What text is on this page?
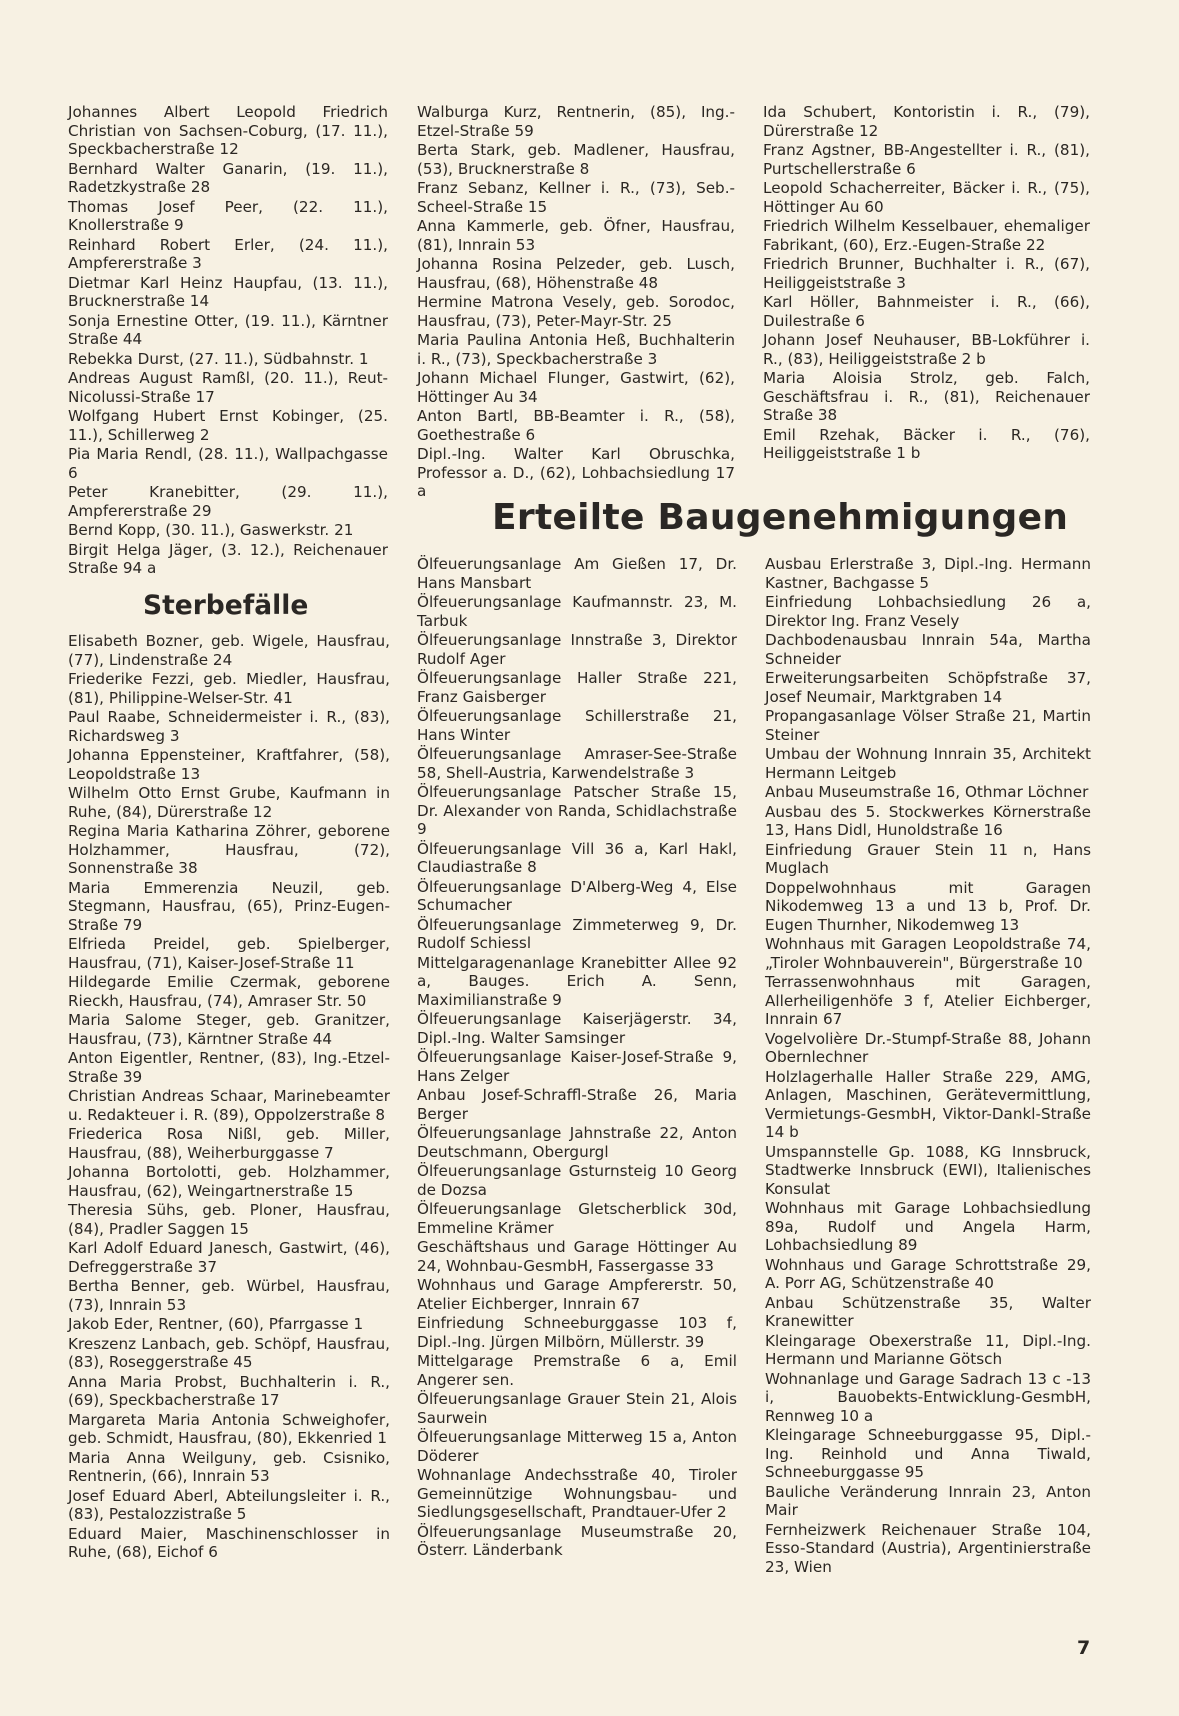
Johannes Albert Leopold Friedrich Christian von Sachsen-Coburg, (17. 11.), Speckbacherstraße 12

Bernhard Walter Ganarin, (19. 11.), Radetzkystraße 28

Thomas Josef Peer, (22. 11.), Knollerstraße 9

Reinhard Robert Erler, (24. 11.), Ampfererstraße 3

Dietmar Karl Heinz Haupfau, (13. 11.), Brucknerstraße 14

Sonja Ernestine Otter, (19. 11.), Kärntner Straße 44

Rebekka Durst, (27. 11.), Südbahnstr. 1

Andreas August Ramßl, (20. 11.), Reut-Nicolussi-Straße 17

Wolfgang Hubert Ernst Kobinger, (25. 11.), Schillerweg 2

Pia Maria Rendl, (28. 11.), Wallpachgasse 6

Peter Kranebitter, (29. 11.), Ampfererstraße 29

Bernd Kopp, (30. 11.), Gaswerkstr. 21

Birgit Helga Jäger, (3. 12.), Reichenauer Straße 94 a

Sterbefälle

Elisabeth Bozner, geb. Wigele, Hausfrau, (77), Lindenstraße 24

Friederike Fezzi, geb. Miedler, Hausfrau, (81), Philippine-Welser-Str. 41

Paul Raabe, Schneidermeister i. R., (83), Richardsweg 3

Johanna Eppensteiner, Kraftfahrer, (58), Leopoldstraße 13

Wilhelm Otto Ernst Grube, Kaufmann in Ruhe, (84), Dürerstraße 12

Regina Maria Katharina Zöhrer, geborene Holzhammer, Hausfrau, (72), Sonnenstraße 38

Maria Emmerenzia Neuzil, geb. Stegmann, Hausfrau, (65), Prinz-Eugen-Straße 79

Elfrieda Preidel, geb. Spielberger, Hausfrau, (71), Kaiser-Josef-Straße 11

Hildegarde Emilie Czermak, geborene Rieckh, Hausfrau, (74), Amraser Str. 50

Maria Salome Steger, geb. Granitzer, Hausfrau, (73), Kärntner Straße 44

Anton Eigentler, Rentner, (83), Ing.-Etzel-Straße 39

Christian Andreas Schaar, Marinebeamter u. Redakteuer i. R. (89), Oppolzerstraße 8

Friederica Rosa Nißl, geb. Miller, Hausfrau, (88), Weiherburggasse 7

Johanna Bortolotti, geb. Holzhammer, Hausfrau, (62), Weingartnerstraße 15

Theresia Sühs, geb. Ploner, Hausfrau, (84), Pradler Saggen 15

Karl Adolf Eduard Janesch, Gastwirt, (46), Defreggerstraße 37

Bertha Benner, geb. Würbel, Hausfrau, (73), Innrain 53

Jakob Eder, Rentner, (60), Pfarrgasse 1

Kreszenz Lanbach, geb. Schöpf, Hausfrau, (83), Roseggerstraße 45

Anna Maria Probst, Buchhalterin i. R., (69), Speckbacherstraße 17

Margareta Maria Antonia Schweighofer, geb. Schmidt, Hausfrau, (80), Ekkenried 1

Maria Anna Weilguny, geb. Csisniko, Rentnerin, (66), Innrain 53

Josef Eduard Aberl, Abteilungsleiter i. R., (83), Pestalozzistraße 5

Eduard Maier, Maschinenschlosser in Ruhe, (68), Eichof 6

Walburga Kurz, Rentnerin, (85), Ing.-Etzel-Straße 59

Berta Stark, geb. Madlener, Hausfrau, (53), Brucknerstraße 8

Franz Sebanz, Kellner i. R., (73), Seb.-Scheel-Straße 15

Anna Kammerle, geb. Öfner, Hausfrau, (81), Innrain 53

Johanna Rosina Pelzeder, geb. Lusch, Hausfrau, (68), Höhenstraße 48

Hermine Matrona Vesely, geb. Sorodoc, Hausfrau, (73), Peter-Mayr-Str. 25

Maria Paulina Antonia Heß, Buchhalterin i. R., (73), Speckbacherstraße 3

Johann Michael Flunger, Gastwirt, (62), Höttinger Au 34

Anton Bartl, BB-Beamter i. R., (58), Goethestraße 6

Dipl.-Ing. Walter Karl Obruschka, Professor a. D., (62), Lohbachsiedlung 17 a

Ida Schubert, Kontoristin i. R., (79), Dürerstraße 12

Franz Agstner, BB-Angestellter i. R., (81), Purtschellerstraße 6

Leopold Schacherreiter, Bäcker i. R., (75), Höttinger Au 60

Friedrich Wilhelm Kesselbauer, ehemaliger Fabrikant, (60), Erz.-Eugen-Straße 22

Friedrich Brunner, Buchhalter i. R., (67), Heiliggeiststraße 3

Karl Höller, Bahnmeister i. R., (66), Duilestraße 6

Johann Josef Neuhauser, BB-Lokführer i. R., (83), Heiliggeiststraße 2 b

Maria Aloisia Strolz, geb. Falch, Geschäftsfrau i. R., (81), Reichenauer Straße 38

Emil Rzehak, Bäcker i. R., (76), Heiliggeiststraße 1 b

Erteilte Baugenehmigungen

Ölfeuerungsanlage Am Gießen 17, Dr. Hans Mansbart

Ölfeuerungsanlage Kaufmannstr. 23, M. Tarbuk

Ölfeuerungsanlage Innstraße 3, Direktor Rudolf Ager

Ölfeuerungsanlage Haller Straße 221, Franz Gaisberger

Ölfeuerungsanlage Schillerstraße 21, Hans Winter

Ölfeuerungsanlage Amraser-See-Straße 58, Shell-Austria, Karwendelstraße 3

Ölfeuerungsanlage Patscher Straße 15, Dr. Alexander von Randa, Schidlachstraße 9

Ölfeuerungsanlage Vill 36 a, Karl Hakl, Claudiastraße 8

Ölfeuerungsanlage D'Alberg-Weg 4, Else Schumacher

Ölfeuerungsanlage Zimmeterweg 9, Dr. Rudolf Schiessl

Mittelgaragenanlage Kranebitter Allee 92 a, Bauges. Erich A. Senn, Maximilianstraße 9

Ölfeuerungsanlage Kaiserjägerstr. 34, Dipl.-Ing. Walter Samsinger

Ölfeuerungsanlage Kaiser-Josef-Straße 9, Hans Zelger

Anbau Josef-Schraffl-Straße 26, Maria Berger

Ölfeuerungsanlage Jahnstraße 22, Anton Deutschmann, Obergurgl

Ölfeuerungsanlage Gsturnsteig 10 Georg de Dozsa

Ölfeuerungsanlage Gletscherblick 30d, Emmeline Krämer

Geschäftshaus und Garage Höttinger Au 24, Wohnbau-GesmbH, Fassergasse 33

Wohnhaus und Garage Ampfererstr. 50, Atelier Eichberger, Innrain 67

Einfriedung Schneeburggasse 103 f, Dipl.-Ing. Jürgen Milbörn, Müllerstr. 39

Mittelgarage Premstraße 6 a, Emil Angerer sen.

Ölfeuerungsanlage Grauer Stein 21, Alois Saurwein

Ölfeuerungsanlage Mitterweg 15 a, Anton Döderer

Wohnanlage Andechsstraße 40, Tiroler Gemeinnützige Wohnungsbau- und Siedlungsgesellschaft, Prandtauer-Ufer 2

Ölfeuerungsanlage Museumstraße 20, Österr. Länderbank

Ausbau Erlerstraße 3, Dipl.-Ing. Hermann Kastner, Bachgasse 5

Einfriedung Lohbachsiedlung 26 a, Direktor Ing. Franz Vesely

Dachbodenausbau Innrain 54a, Martha Schneider

Erweiterungsarbeiten Schöpfstraße 37, Josef Neumair, Marktgraben 14

Propangasanlage Völser Straße 21, Martin Steiner

Umbau der Wohnung Innrain 35, Architekt Hermann Leitgeb

Anbau Museumstraße 16, Othmar Löchner

Ausbau des 5. Stockwerkes Körnerstraße 13, Hans Didl, Hunoldstraße 16

Einfriedung Grauer Stein 11 n, Hans Muglach

Doppelwohnhaus mit Garagen Nikodemweg 13 a und 13 b, Prof. Dr. Eugen Thurnher, Nikodemweg 13

Wohnhaus mit Garagen Leopoldstraße 74, „Tiroler Wohnbauverein", Bürgerstraße 10

Terrassenwohnhaus mit Garagen, Allerheiligenhöfe 3 f, Atelier Eichberger, Innrain 67

Vogelvolière Dr.-Stumpf-Straße 88, Johann Obernlechner

Holzlagerhalle Haller Straße 229, AMG, Anlagen, Maschinen, Gerätevermittlung, Vermietungs-GesmbH, Viktor-Dankl-Straße 14 b

Umspannstelle Gp. 1088, KG Innsbruck, Stadtwerke Innsbruck (EWI), Italienisches Konsulat

Wohnhaus mit Garage Lohbachsiedlung 89a, Rudolf und Angela Harm, Lohbachsiedlung 89

Wohnhaus und Garage Schrottstraße 29, A. Porr AG, Schützenstraße 40

Anbau Schützenstraße 35, Walter Kranewitter

Kleingarage Obexerstraße 11, Dipl.-Ing. Hermann und Marianne Götsch

Wohnanlage und Garage Sadrach 13 c -13 i, Bauobekts-Entwicklung-GesmbH, Rennweg 10 a

Kleingarage Schneeburggasse 95, Dipl.-Ing. Reinhold und Anna Tiwald, Schneeburggasse 95

Bauliche Veränderung Innrain 23, Anton Mair

Fernheizwerk Reichenauer Straße 104, Esso-Standard (Austria), Argentinierstraße 23, Wien

7
